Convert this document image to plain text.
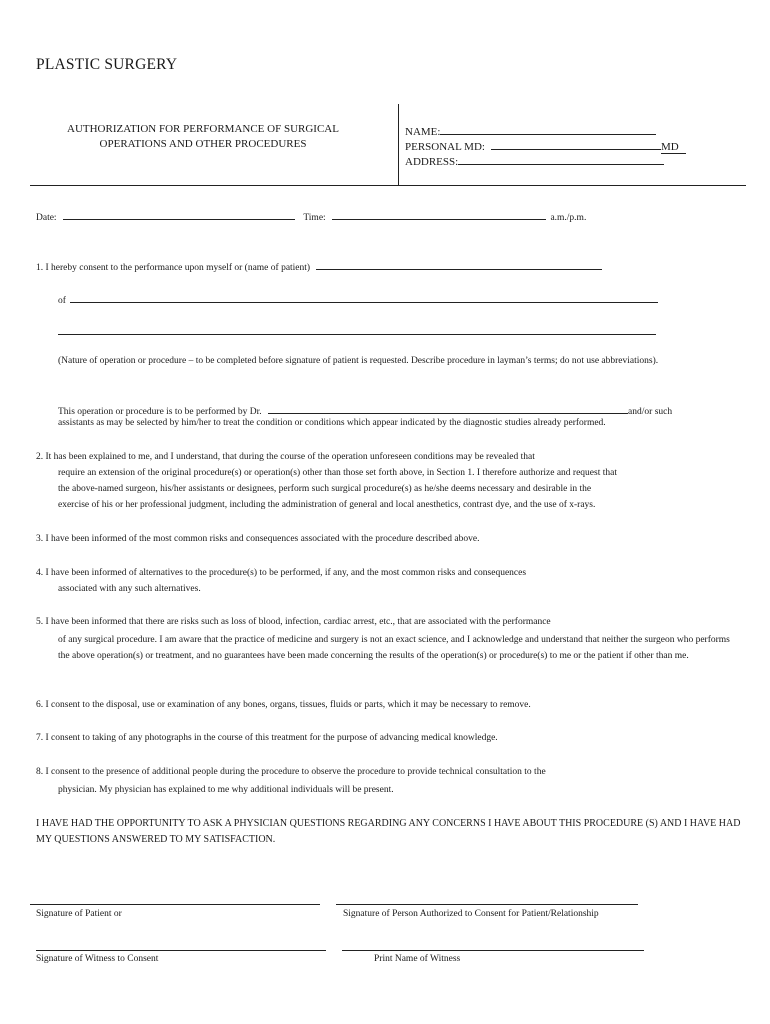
PLASTIC SURGERY
AUTHORIZATION FOR PERFORMANCE OF SURGICAL
OPERATIONS AND OTHER PROCEDURES
NAME:
PERSONAL MD:	MD
ADDRESS:
Date:	Time:	a.m./p.m.
1. I hereby consent to the performance upon myself or (name of patient)
of
(Nature of operation or procedure – to be completed before signature of patient is requested. Describe procedure in layman’s terms; do not use abbreviations).
This operation or procedure is to be performed by Dr.	and/or such
assistants as may be selected by him/her to treat the condition or conditions which appear indicated by the diagnostic studies already performed.
2. It has been explained to me, and I understand, that during the course of the operation unforeseen conditions may be revealed that
require an extension of the original procedure(s) or operation(s) other than those set forth above, in Section 1. I therefore authorize and request that
the above-named surgeon, his/her assistants or designees, perform such surgical procedure(s) as he/she deems necessary and desirable in the
exercise of his or her professional judgment, including the administration of general and local anesthetics, contrast dye, and the use of x-rays.
3. I have been informed of the most common risks and consequences associated with the procedure described above.
4. I have been informed of alternatives to the procedure(s) to be performed, if any, and the most common risks and consequences
associated with any such alternatives.
5. I have been informed that there are risks such as loss of blood, infection, cardiac arrest, etc., that are associated with the performance
of any surgical procedure. I am aware that the practice of medicine and surgery is not an exact science, and I acknowledge and understand that neither the surgeon who performs the above operation(s) or treatment, and no guarantees have been made concerning the results of the operation(s) or procedure(s) to me or the patient if other than me.
6. I consent to the disposal, use or examination of any bones, organs, tissues, fluids or parts, which it may be necessary to remove.
7. I consent to taking of any photographs in the course of this treatment for the purpose of advancing medical knowledge.
8. I consent to the presence of additional people during the procedure to observe the procedure to provide technical consultation to the
physician. My physician has explained to me why additional individuals will be present.
I HAVE HAD THE OPPORTUNITY TO ASK A PHYSICIAN QUESTIONS REGARDING ANY CONCERNS I HAVE ABOUT THIS PROCEDURE (S) AND I HAVE HAD MY QUESTIONS ANSWERED TO MY SATISFACTION.
Signature of Patient or	Signature of Person Authorized to Consent for Patient/Relationship
Signature of Witness to Consent	Print Name of Witness
